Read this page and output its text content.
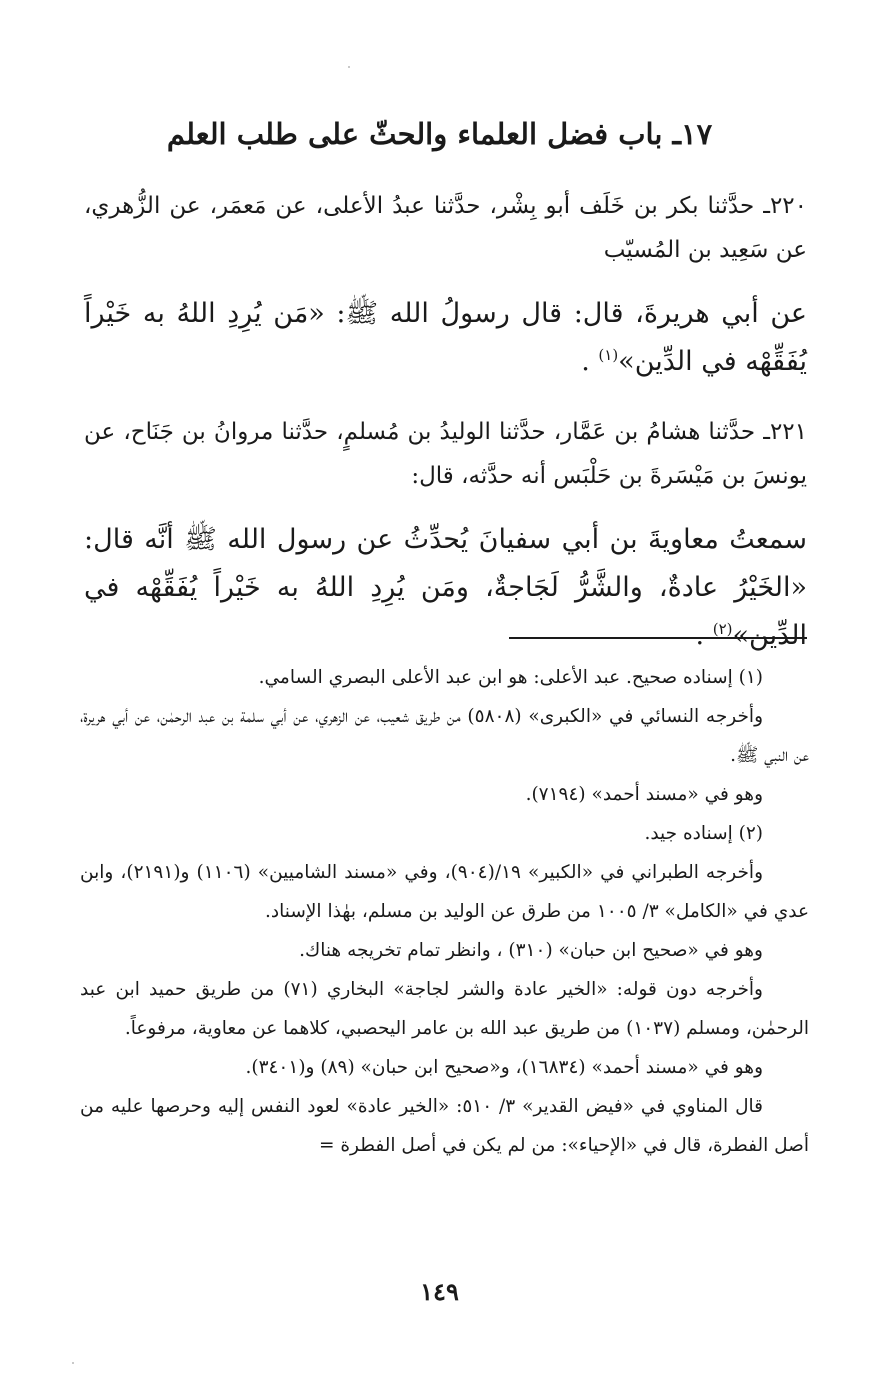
١٧ـ باب فضل العلماء والحثّ على طلب العلم

٢٢٠ـ حدَّثنا بكر بن خَلَف أبو بِشْر، حدَّثنا عبدُ الأعلى، عن مَعمَر، عن الزُّهري، عن سَعِيد بن المُسيّب

عن أبي هريرةَ، قال: قال رسولُ الله ﷺ: «مَن يُرِدِ اللهُ به خَيْراً يُفَقِّهْه في الدِّين»$^{(١)}$ .

٢٢١ـ حدَّثنا هشامُ بن عَمَّار، حدَّثنا الوليدُ بن مُسلمٍ، حدَّثنا مروانُ بن جَنَاح، عن يونسَ بن مَيْسَرةَ بن حَلْبَس أنه حدَّثه، قال:

سمعتُ معاويةَ بن أبي سفيانَ يُحدِّثُ عن رسول الله ﷺ أنَّه قال: «الخَيْرُ عادةٌ، والشَّرُّ لَجَاجةٌ، ومَن يُرِدِ اللهُ به خَيْراً يُفَقِّهْه في الدِّين»$^{(٢)}$ .

(١) إسناده صحيح. عبد الأعلى: هو ابن عبد الأعلى البصري السامي.

وأخرجه النسائي في «الكبرى» (٥٨٠٨) من طريق شعيب، عن الزهري، عن أبي سلمة بن عبد الرحمٰن، عن أبي هريرة، عن النبي ﷺ.

وهو في «مسند أحمد» (٧١٩٤).

(٢) إسناده جيد.

وأخرجه الطبراني في «الكبير» ١٩/(٩٠٤)، وفي «مسند الشاميين» (١١٠٦) و(٢١٩١)، وابن عدي في «الكامل» ٣/ ١٠٠٥ من طرق عن الوليد بن مسلم، بهٰذا الإسناد.

وهو في «صحيح ابن حبان» (٣١٠) ، وانظر تمام تخريجه هناك.

وأخرجه دون قوله: «الخير عادة والشر لجاجة» البخاري (٧١) من طريق حميد ابن عبد الرحمٰن، ومسلم (١٠٣٧) من طريق عبد الله بن عامر اليحصبي، كلاهما عن معاوية، مرفوعاً.

وهو في «مسند أحمد» (١٦٨٣٤)، و«صحيح ابن حبان» (٨٩) و(٣٤٠١).

قال المناوي في «فيض القدير» ٣/ ٥١٠: «الخير عادة» لعود النفس إليه وحرصها عليه من أصل الفطرة، قال في «الإحياء»: من لم يكن في أصل الفطرة =

١٤٩
